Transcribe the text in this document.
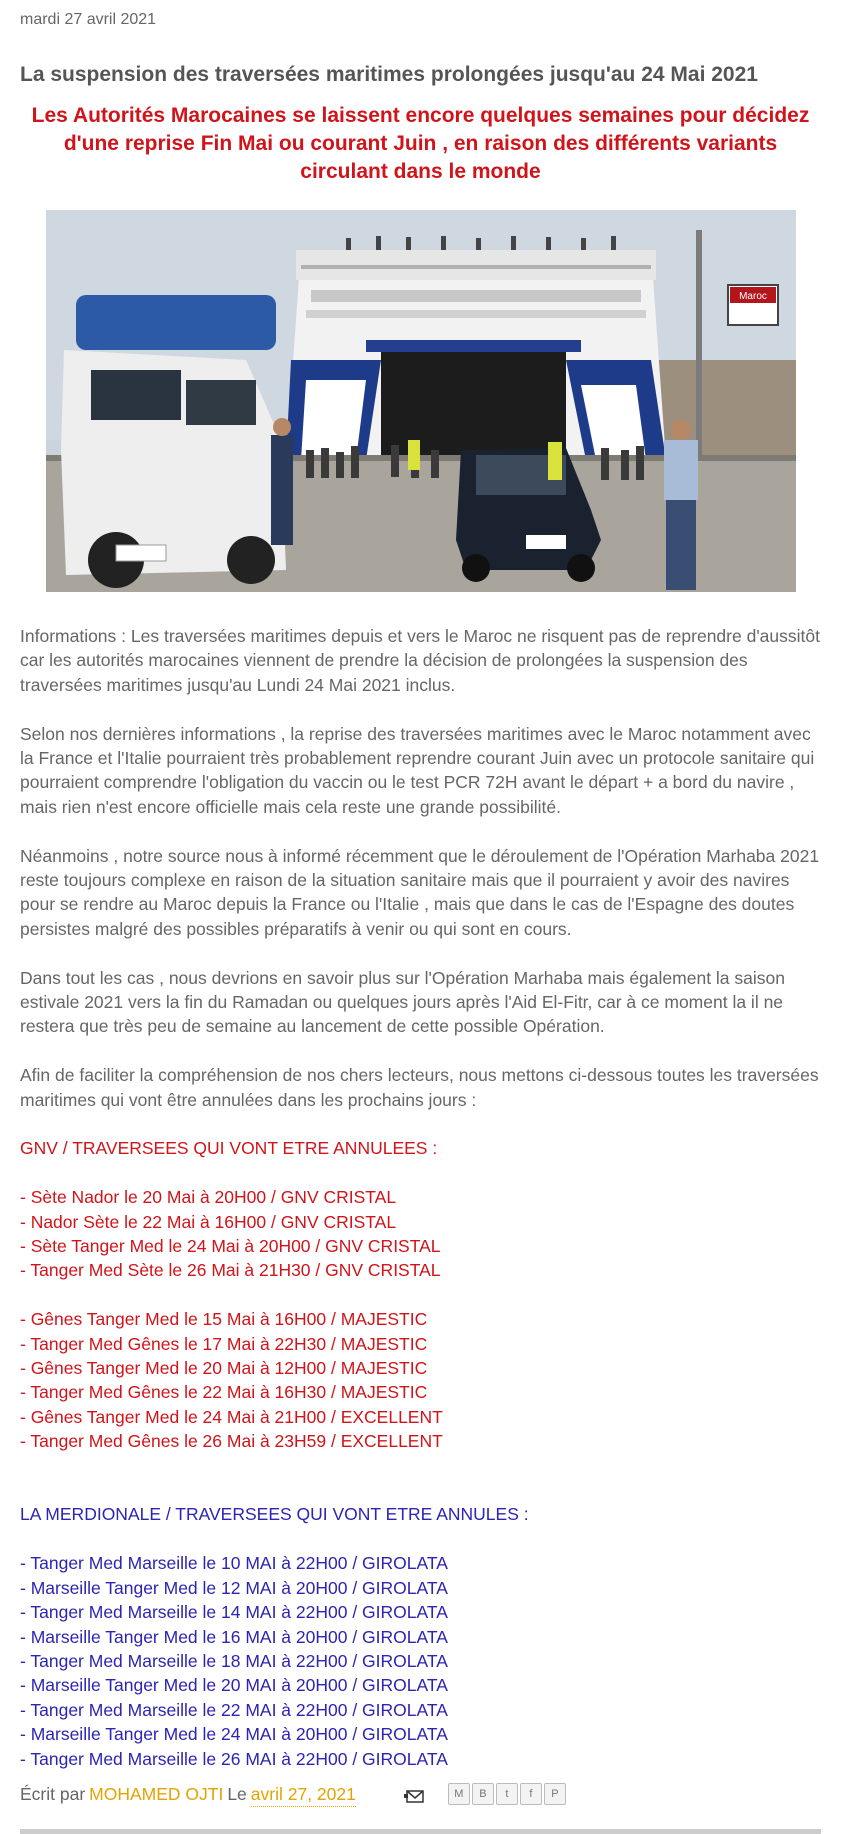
mardi 27 avril 2021
La suspension des traversées maritimes prolongées jusqu'au 24 Mai 2021

Les Autorités Marocaines se laissent encore quelques semaines pour décidez d'une reprise Fin Mai ou courant Juin , en raison des différents variants circulant dans le monde

Maroc

Informations : Les traversées maritimes depuis et vers le Maroc ne risquent pas de reprendre d'aussitôt car les autorités marocaines viennent de prendre la décision de prolongées la suspension des traversées maritimes jusqu'au Lundi 24 Mai 2021 inclus.

Selon nos dernières informations , la reprise des traversées maritimes avec le Maroc notamment avec la France et l'Italie pourraient très probablement reprendre courant Juin avec un protocole sanitaire qui pourraient comprendre l'obligation du vaccin ou le test PCR 72H avant le départ + a bord du navire , mais rien n'est encore officielle mais cela reste une grande possibilité.

Néanmoins , notre source nous à informé récemment que le déroulement de l'Opération Marhaba 2021 reste toujours complexe en raison de la situation sanitaire mais que il pourraient y avoir des navires pour se rendre au Maroc depuis la France ou l'Italie , mais que dans le cas de l'Espagne des doutes persistes malgré des possibles préparatifs à venir ou qui sont en cours.

Dans tout les cas , nous devrions en savoir plus sur l'Opération Marhaba mais également la saison estivale 2021 vers la fin du Ramadan ou quelques jours après l'Aid El-Fitr, car à ce moment la il ne restera que très peu de semaine au lancement de cette possible Opération.

Afin de faciliter la compréhension de nos chers lecteurs, nous mettons ci-dessous toutes les traversées maritimes qui vont être annulées dans les prochains jours :

GNV / TRAVERSEES QUI VONT ETRE ANNULEES :
- Sète Nador le 20 Mai à 20H00 / GNV CRISTAL
- Nador Sète le 22 Mai à 16H00 / GNV CRISTAL
- Sète Tanger Med le 24 Mai à 20H00 / GNV CRISTAL
- Tanger Med Sète le 26 Mai à 21H30 / GNV CRISTAL
- Gênes Tanger Med le 15 Mai à 16H00 / MAJESTIC
- Tanger Med Gênes le 17 Mai à 22H30 / MAJESTIC
- Gênes Tanger Med le 20 Mai à 12H00 / MAJESTIC
- Tanger Med Gênes le 22 Mai à 16H30 / MAJESTIC
- Gênes Tanger Med le 24 Mai à 21H00 / EXCELLENT
- Tanger Med Gênes le 26 Mai à 23H59 / EXCELLENT
LA MERDIONALE / TRAVERSEES QUI VONT ETRE ANNULES :
- Tanger Med Marseille le 10 MAI à 22H00 / GIROLATA
- Marseille Tanger Med le 12 MAI à 20H00 / GIROLATA
- Tanger Med Marseille le 14 MAI à 22H00 / GIROLATA
- Marseille Tanger Med le 16 MAI à 20H00 / GIROLATA
- Tanger Med Marseille le 18 MAI à 22H00 / GIROLATA
- Marseille Tanger Med le 20 MAI à 20H00 / GIROLATA
- Tanger Med Marseille le 22 MAI à 22H00 / GIROLATA
- Marseille Tanger Med le 24 MAI à 20H00 / GIROLATA
- Tanger Med Marseille le 26 MAI à 22H00 / GIROLATA
Écrit par MOHAMED OJTI Le avril 27, 2021	M	B	t	f	P
